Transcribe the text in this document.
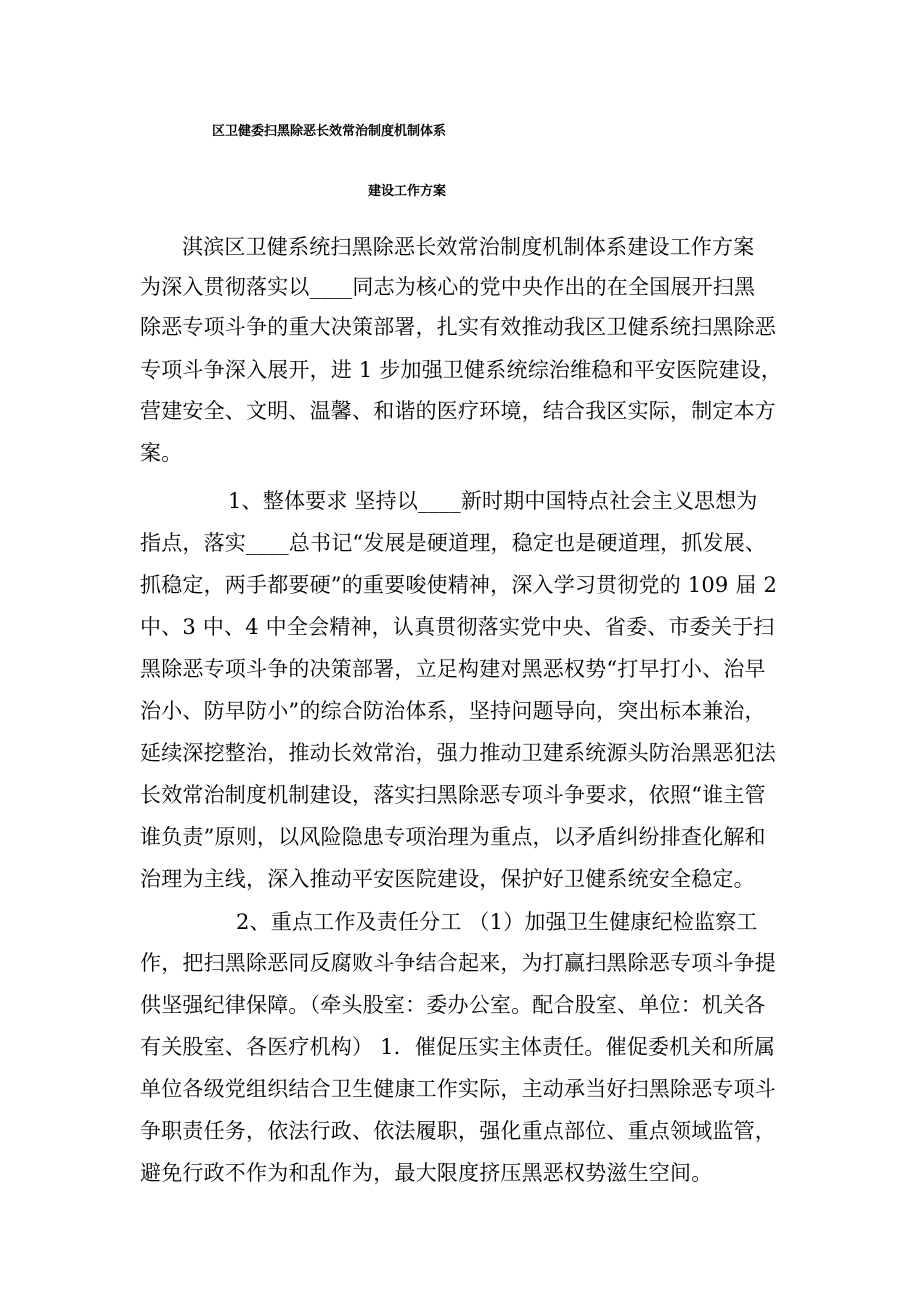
区卫健委扫黑除恶长效常治制度机制体系
建设工作方案
淇滨区卫健系统扫黑除恶长效常治制度机制体系建设工作方案
为深入贯彻落实以____同志为核心的党中央作出的在全国展开扫黑
除恶专项斗争的重大决策部署，扎实有效推动我区卫健系统扫黑除恶
专项斗争深入展开，进 1 步加强卫健系统综治维稳和平安医院建设，
营建安全、文明、温馨、和谐的医疗环境，结合我区实际，制定本方
案。
1、整体要求 坚持以____新时期中国特点社会主义思想为
指点，落实____总书记“发展是硬道理，稳定也是硬道理，抓发展、
抓稳定，两手都要硬”的重要唆使精神，深入学习贯彻党的 109 届 2
中、3 中、4 中全会精神，认真贯彻落实党中央、省委、市委关于扫
黑除恶专项斗争的决策部署，立足构建对黑恶权势“打早打小、治早
治小、防早防小”的综合防治体系，坚持问题导向，突出标本兼治，
延续深挖整治，推动长效常治，强力推动卫建系统源头防治黑恶犯法
长效常治制度机制建设，落实扫黑除恶专项斗争要求，依照“谁主管
谁负责”原则，以风险隐患专项治理为重点，以矛盾纠纷排查化解和
治理为主线，深入推动平安医院建设，保护好卫健系统安全稳定。
2、重点工作及责任分工 （1）加强卫生健康纪检监察工
作，把扫黑除恶同反腐败斗争结合起来，为打赢扫黑除恶专项斗争提
供坚强纪律保障。（牵头股室：委办公室。配合股室、单位：机关各
有关股室、各医疗机构） 1．催促压实主体责任。催促委机关和所属
单位各级党组织结合卫生健康工作实际，主动承当好扫黑除恶专项斗
争职责任务，依法行政、依法履职，强化重点部位、重点领域监管，
避免行政不作为和乱作为，最大限度挤压黑恶权势滋生空间。
